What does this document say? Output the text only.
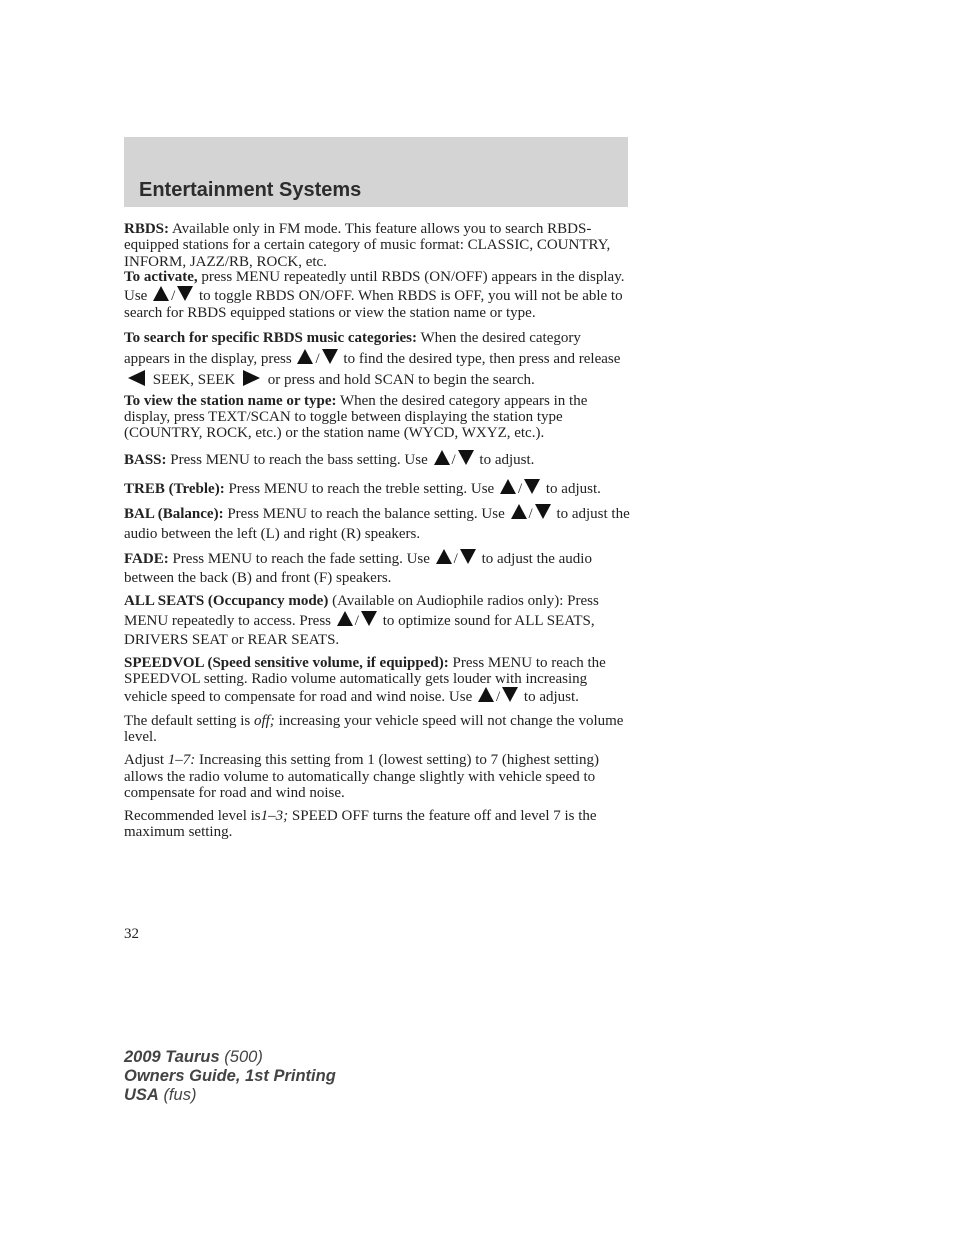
Entertainment Systems

RBDS: Available only in FM mode. This feature allows you to search RBDS-equipped stations for a certain category of music format: CLASSIC, COUNTRY, INFORM, JAZZ/RB, ROCK, etc.

To activate, press MENU repeatedly until RBDS (ON/OFF) appears in the display. Use / to toggle RBDS ON/OFF. When RBDS is OFF, you will not be able to search for RBDS equipped stations or view the station name or type.

To search for specific RBDS music categories: When the desired category appears in the display, press / to find the desired type, then press and release  SEEK, SEEK or press and hold SCAN to begin the search.

To view the station name or type: When the desired category appears in the display, press TEXT/SCAN to toggle between displaying the station type (COUNTRY, ROCK, etc.) or the station name (WYCD, WXYZ, etc.).

BASS: Press MENU to reach the bass setting. Use / to adjust.

TREB (Treble): Press MENU to reach the treble setting. Use / to adjust.

BAL (Balance): Press MENU to reach the balance setting. Use / to adjust the audio between the left (L) and right (R) speakers.

FADE: Press MENU to reach the fade setting. Use / to adjust the audio between the back (B) and front (F) speakers.

ALL SEATS (Occupancy mode) (Available on Audiophile radios only): Press MENU repeatedly to access. Press / to optimize sound for ALL SEATS, DRIVERS SEAT or REAR SEATS.

SPEEDVOL (Speed sensitive volume, if equipped): Press MENU to reach the SPEEDVOL setting. Radio volume automatically gets louder with increasing vehicle speed to compensate for road and wind noise. Use / to adjust.

The default setting is off; increasing your vehicle speed will not change the volume level.

Adjust 1–7: Increasing this setting from 1 (lowest setting) to 7 (highest setting) allows the radio volume to automatically change slightly with vehicle speed to compensate for road and wind noise.

Recommended level is1–3; SPEED OFF turns the feature off and level 7 is the maximum setting.

32
2009 Taurus (500)
Owners Guide, 1st Printing
USA (fus)
